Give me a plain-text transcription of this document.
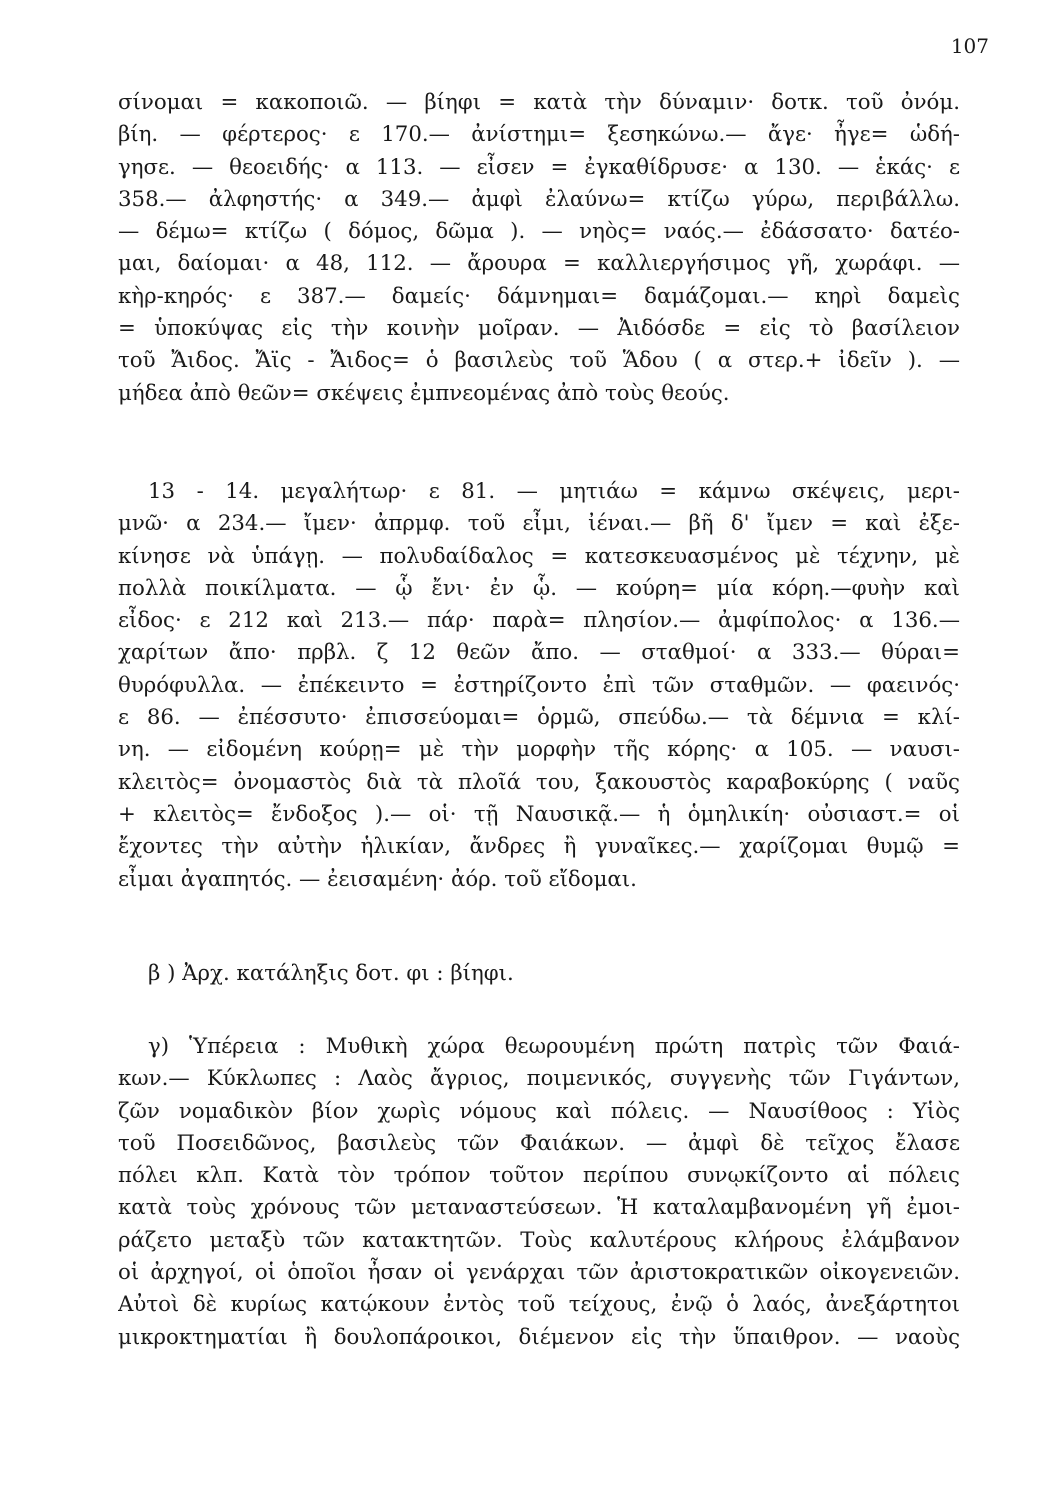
107
σίνομαι = κακοποιῶ. — βίηφι = κατὰ τὴν δύναμιν· δοτκ. τοῦ ὀνόμ.
βίη. — φέρτερος· ε 170.— ἀνίστημι= ξεσηκώνω.— ἄγε· ἦγε= ὡδή-
γησε. — θεοειδής· α 113. — εἶσεν = ἐγκαθίδρυσε· α 130. — ἑκάς· ε
358.— ἀλφηστής· α 349.— ἀμφὶ ἐλαύνω= κτίζω γύρω, περιβάλλω.
— δέμω= κτίζω ( δόμος, δῶμα ). — νηὸς= ναός.— ἐδάσσατο· δατέο-
μαι, δαίομαι· α 48, 112. — ἄρουρα = καλλιεργήσιμος γῆ, χωράφι. —
κὴρ-κηρός· ε 387.— δαμείς· δάμνημαι= δαμάζομαι.— κηρὶ δαμεὶς
= ὑποκύψας εἰς τὴν κοινὴν μοῖραν. — Ἀιδόσδε = εἰς τὸ βασίλειον
τοῦ Ἄιδος. Ἄϊς - Ἄιδος= ὁ βασιλεὺς τοῦ Ἅδου ( α στερ.+ ἰδεῖν ). —
μήδεα ἀπὸ θεῶν= σκέψεις ἐμπνεομένας ἀπὸ τοὺς θεούς.
13 - 14. μεγαλήτωρ· ε 81. — μητιάω = κάμνω σκέψεις, μερι-
μνῶ· α 234.— ἴμεν· ἀπρμφ. τοῦ εἶμι, ἰέναι.— βῆ δ' ἴμεν = καὶ ἐξε-
κίνησε νὰ ὑπάγῃ. — πολυδαίδαλος = κατεσκευασμένος μὲ τέχνην, μὲ
πολλὰ ποικίλματα. — ᾧ ἔνι· ἐν ᾧ. — κούρη= μία κόρη.—φυὴν καὶ
εἶδος· ε 212 καὶ 213.— πάρ· παρὰ= πλησίον.— ἀμφίπολος· α 136.—
χαρίτων ἄπο· πρβλ. ζ 12 θεῶν ἄπο. — σταθμοί· α 333.— θύραι=
θυρόφυλλα. — ἐπέκειντο = ἐστηρίζοντο ἐπὶ τῶν σταθμῶν. — φαεινός·
ε 86. — ἐπέσσυτο· ἐπισσεύομαι= ὁρμῶ, σπεύδω.— τὰ δέμνια = κλί-
νη. — εἰδομένη κούρῃ= μὲ τὴν μορφὴν τῆς κόρης· α 105. — ναυσι-
κλειτὸς= ὀνομαστὸς διὰ τὰ πλοῖά του, ξακουστὸς καραβοκύρης ( ναῦς
+ κλειτὸς= ἔνδοξος ).— οἱ· τῇ Ναυσικᾷ.— ἡ ὁμηλικίη· οὐσιαστ.= οἱ
ἔχοντες τὴν αὐτὴν ἡλικίαν, ἄνδρες ἢ γυναῖκες.— χαρίζομαι θυμῷ =
εἶμαι ἀγαπητός. — ἐεισαμένη· ἀόρ. τοῦ εἴδομαι.
β ) Ἀρχ. κατάληξις δοτ. φι : βίηφι.
γ) Ὑπέρεια : Μυθικὴ χώρα θεωρουμένη πρώτη πατρὶς τῶν Φαιά-
κων.— Κύκλωπες : Λαὸς ἄγριος, ποιμενικός, συγγενὴς τῶν Γιγάντων,
ζῶν νομαδικὸν βίον χωρὶς νόμους καὶ πόλεις. — Ναυσίθοος : Υἱὸς
τοῦ Ποσειδῶνος, βασιλεὺς τῶν Φαιάκων. — ἀμφὶ δὲ τεῖχος ἔλασε
πόλει κλπ. Κατὰ τὸν τρόπον τοῦτον περίπου συνῳκίζοντο αἱ πόλεις
κατὰ τοὺς χρόνους τῶν μεταναστεύσεων. Ἡ καταλαμβανομένη γῆ ἐμοι-
ράζετο μεταξὺ τῶν κατακτητῶν. Τοὺς καλυτέρους κλήρους ἐλάμβανον
οἱ ἀρχηγοί, οἱ ὁποῖοι ἦσαν οἱ γενάρχαι τῶν ἀριστοκρατικῶν οἰκογενειῶν.
Αὐτοὶ δὲ κυρίως κατῴκουν ἐντὸς τοῦ τείχους, ἐνῷ ὁ λαός, ἀνεξάρτητοι
μικροκτηματίαι ἢ δουλοπάροικοι, διέμενον εἰς τὴν ὕπαιθρον. — ναοὺς
